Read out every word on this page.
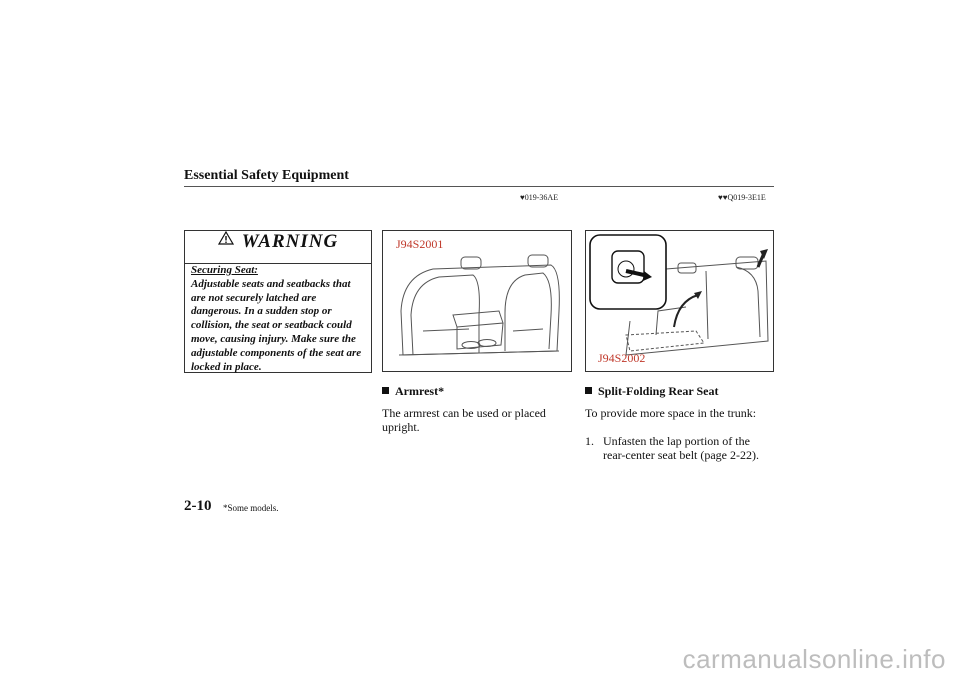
Essential Safety Equipment
♥019-36AE	♥♥Q019-3E1E
WARNING
Securing Seat:
Adjustable seats and seatbacks that are not securely latched are dangerous. In a sudden stop or collision, the seat or seatback could move, causing injury. Make sure the adjustable components of the seat are locked in place.
J94S2001
J94S2002
Armrest*
The armrest can be used or placed upright.
Split-Folding Rear Seat
To provide more space in the trunk:
1. Unfasten the lap portion of the
rear-center seat belt (page 2-22).
2-10 *Some models.
carmanualsonline.info
